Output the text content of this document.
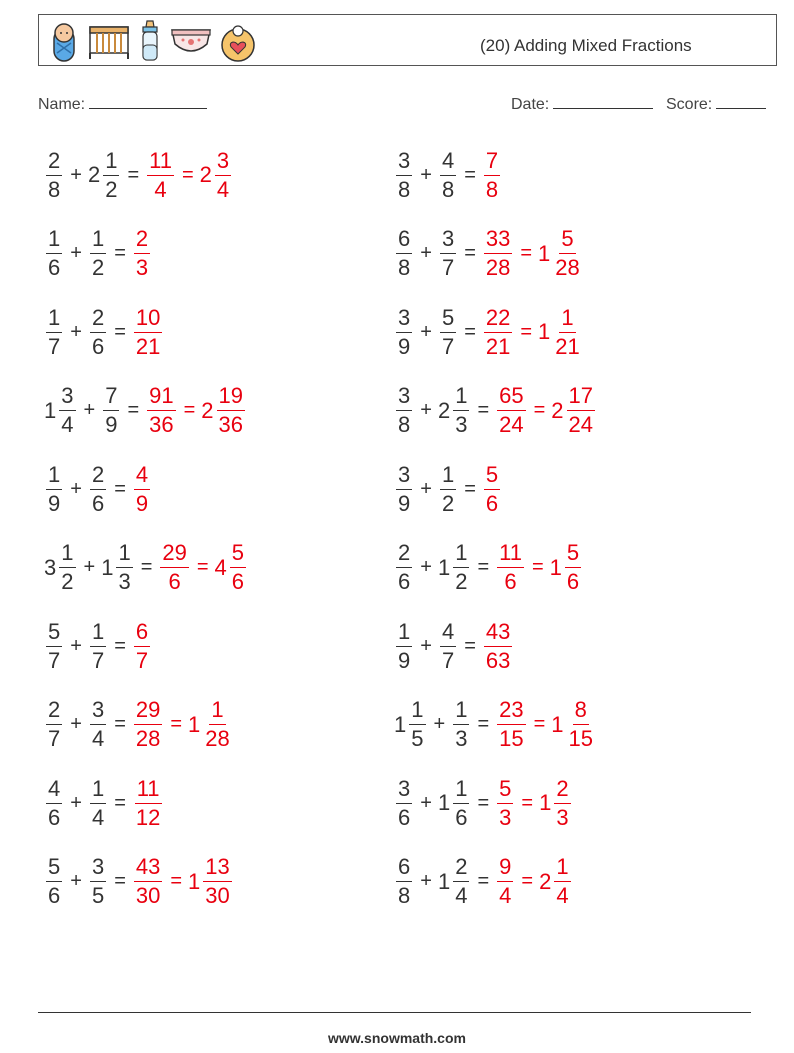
(20) Adding Mixed Fractions
Name:	Date:	Score:
$\frac{2}{8} + 2 \frac{1}{2} = \frac{11}{4} = 2 \frac{3}{4}$	$\frac{3}{8} + \frac{4}{8} = \frac{7}{8}$
$\frac{1}{6} + \frac{1}{2} = \frac{2}{3}$	$\frac{6}{8} + \frac{3}{7} = \frac{33}{28} = 1 \frac{5}{28}$
$\frac{1}{7} + \frac{2}{6} = \frac{10}{21}$	$\frac{3}{9} + \frac{5}{7} = \frac{22}{21} = 1 \frac{1}{21}$
$1 \frac{3}{4} + \frac{7}{9} = \frac{91}{36} = 2 \frac{19}{36}$	$\frac{3}{8} + 2 \frac{1}{3} = \frac{65}{24} = 2 \frac{17}{24}$
$\frac{1}{9} + \frac{2}{6} = \frac{4}{9}$	$\frac{3}{9} + \frac{1}{2} = \frac{5}{6}$
$3 \frac{1}{2} + 1 \frac{1}{3} = \frac{29}{6} = 4 \frac{5}{6}$	$\frac{2}{6} + 1 \frac{1}{2} = \frac{11}{6} = 1 \frac{5}{6}$
$\frac{5}{7} + \frac{1}{7} = \frac{6}{7}$	$\frac{1}{9} + \frac{4}{7} = \frac{43}{63}$
$\frac{2}{7} + \frac{3}{4} = \frac{29}{28} = 1 \frac{1}{28}$	$1 \frac{1}{5} + \frac{1}{3} = \frac{23}{15} = 1 \frac{8}{15}$
$\frac{4}{6} + \frac{1}{4} = \frac{11}{12}$	$\frac{3}{6} + 1 \frac{1}{6} = \frac{5}{3} = 1 \frac{2}{3}$
$\frac{5}{6} + \frac{3}{5} = \frac{43}{30} = 1 \frac{13}{30}$	$\frac{6}{8} + 1 \frac{2}{4} = \frac{9}{4} = 2 \frac{1}{4}$
www.snowmath.com
